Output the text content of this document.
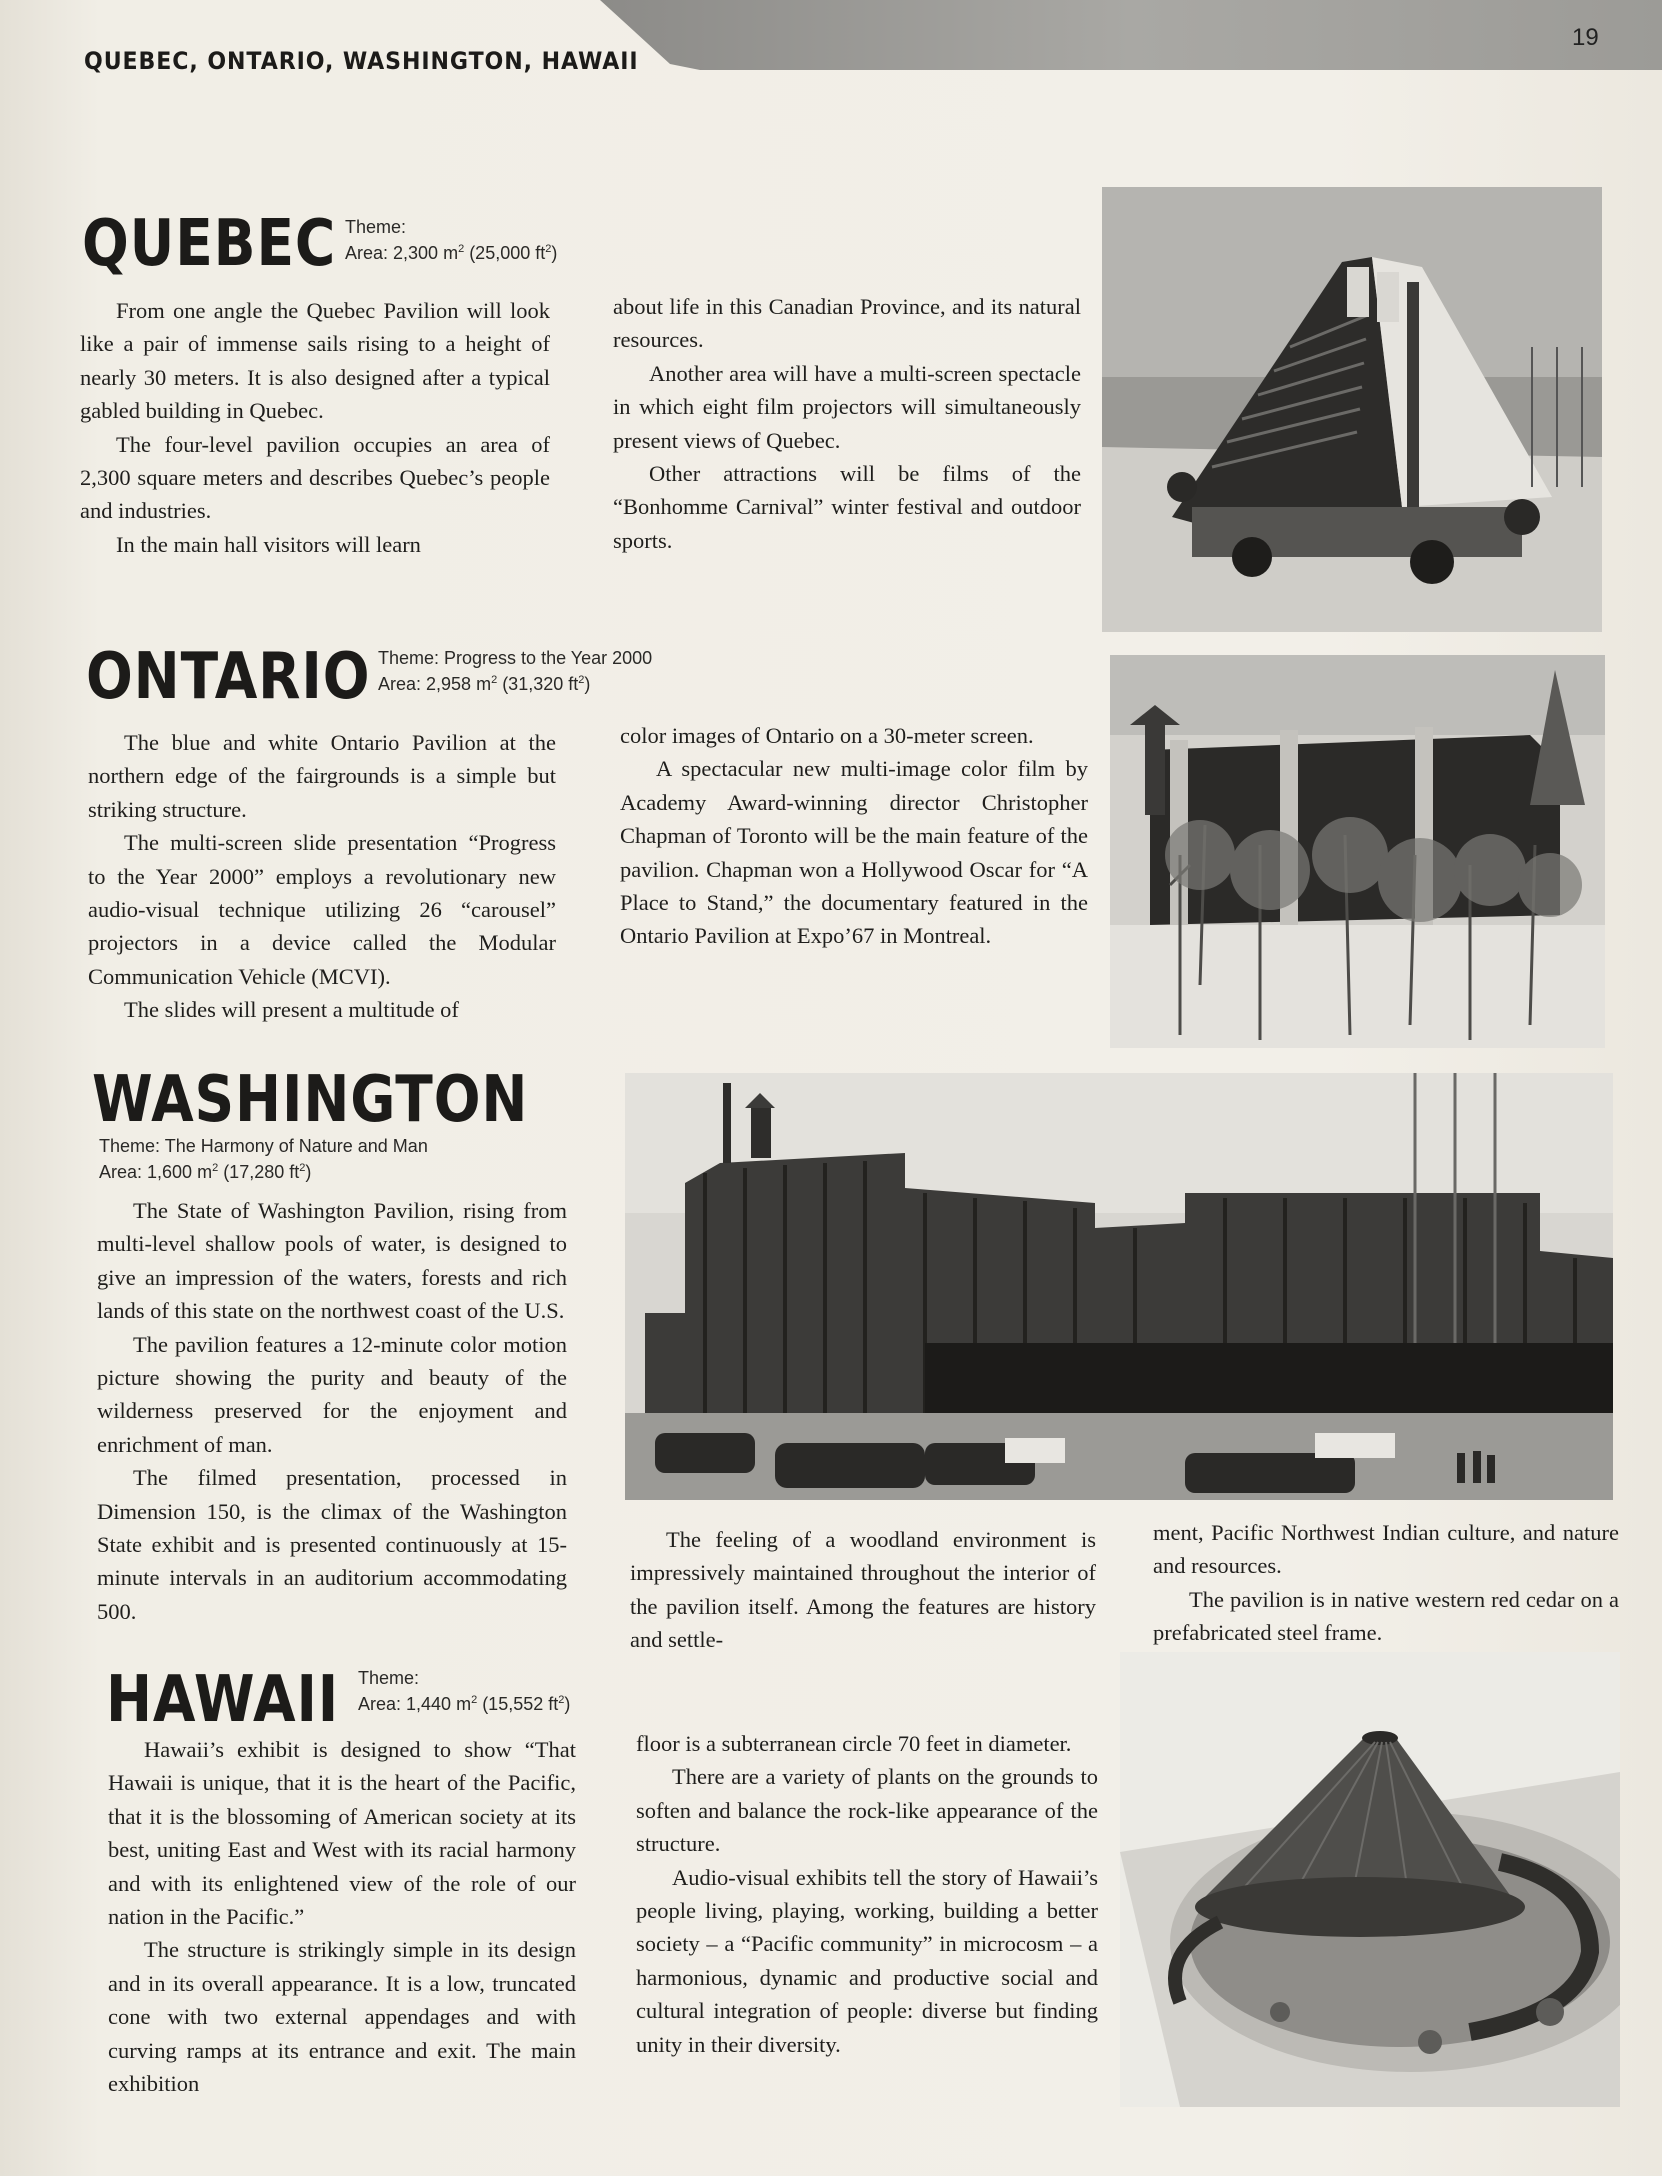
QUEBEC, ONTARIO, WASHINGTON, HAWAII
19
QUEBEC Theme:
Area: 2,300 $m^2$ (25,000 $ft^2$)

From one angle the Quebec Pavilion will look like a pair of immense sails rising to a height of nearly 30 meters. It is also designed after a typical gabled building in Quebec.

The four-level pavilion occupies an area of 2,300 square meters and describes Quebec’s people and industries.

In the main hall visitors will learn

about life in this Canadian Province, and its natural resources.

Another area will have a multi-screen spectacle in which eight film projectors will simultaneously present views of Quebec.

Other attractions will be films of the “Bonhomme Carnival” winter festival and outdoor sports.

ONTARIO Theme: Progress to the Year 2000
Area: 2,958 $m^2$ (31,320 $ft^2$)

The blue and white Ontario Pavilion at the northern edge of the fairgrounds is a simple but striking structure.

The multi-screen slide presentation “Progress to the Year 2000” employs a revolutionary new audio-visual technique utilizing 26 “carousel” projectors in a device called the Modular Communication Vehicle (MCVI).

The slides will present a multitude of

color images of Ontario on a 30-meter screen.

A spectacular new multi-image color film by Academy Award-winning director Christopher Chapman of Toronto will be the main feature of the pavilion. Chapman won a Hollywood Oscar for “A Place to Stand,” the documentary featured in the Ontario Pavilion at Expo’67 in Montreal.

WASHINGTON
Theme: The Harmony of Nature and Man
Area: 1,600 $m^2$ (17,280 $ft^2$)

The State of Washington Pavilion, rising from multi-level shallow pools of water, is designed to give an impression of the waters, forests and rich lands of this state on the northwest coast of the U.S.

The pavilion features a 12-minute color motion picture showing the purity and beauty of the wilderness preserved for the enjoyment and enrichment of man.

The filmed presentation, processed in Dimension 150, is the climax of the Washington State exhibit and is presented continuously at 15-minute intervals in an auditorium accommodating 500.

The feeling of a woodland environment is impressively maintained throughout the interior of the pavilion itself. Among the features are history and settle-

ment, Pacific Northwest Indian culture, and nature and resources.

The pavilion is in native western red cedar on a prefabricated steel frame.

HAWAII Theme:
Area: 1,440 $m^2$ (15,552 $ft^2$)

Hawaii’s exhibit is designed to show “That Hawaii is unique, that it is the heart of the Pacific, that it is the blossoming of American society at its best, uniting East and West with its racial harmony and with its enlightened view of the role of our nation in the Pacific.”

The structure is strikingly simple in its design and in its overall appearance. It is a low, truncated cone with two external appendages and with curving ramps at its entrance and exit. The main exhibition

floor is a subterranean circle 70 feet in diameter.

There are a variety of plants on the grounds to soften and balance the rock-like appearance of the structure.

Audio-visual exhibits tell the story of Hawaii’s people living, playing, working, building a better society – a “Pacific community” in microcosm – a harmonious, dynamic and productive social and cultural integration of people: diverse but finding unity in their diversity.
